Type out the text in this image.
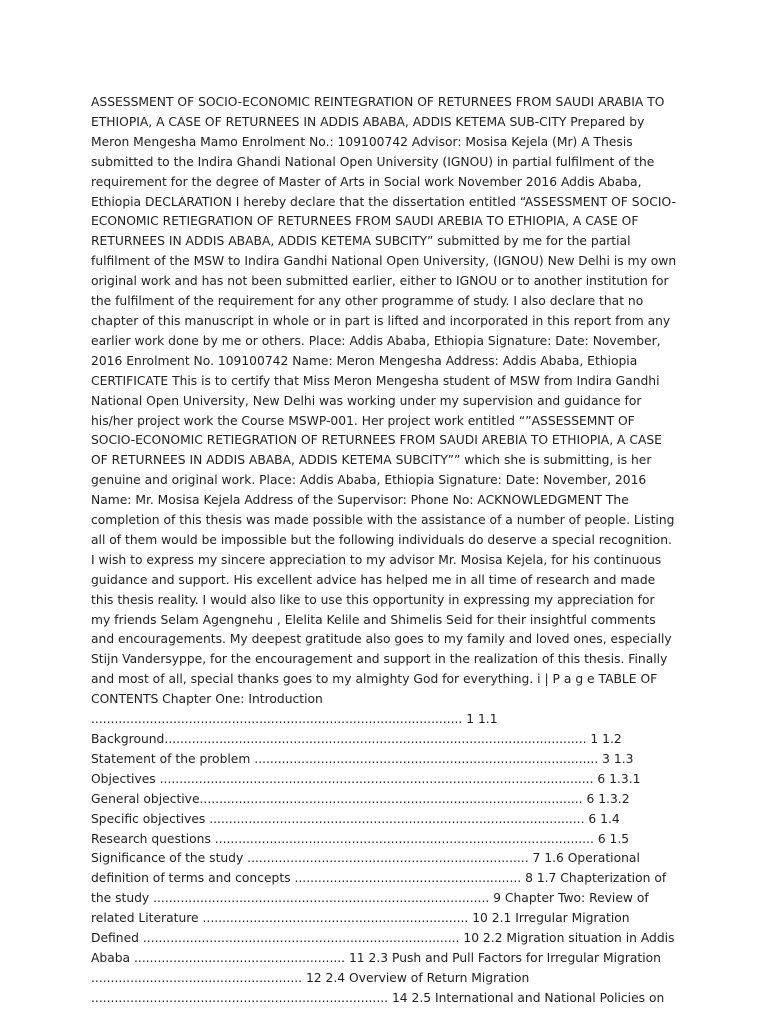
ASSESSMENT OF SOCIO-ECONOMIC REINTEGRATION OF RETURNEES FROM SAUDI ARABIA TO ETHIOPIA, A CASE OF RETURNEES IN ADDIS ABABA, ADDIS KETEMA SUB-CITY Prepared by Meron Mengesha Mamo Enrolment No.: 109100742 Advisor: Mosisa Kejela (Mr) A Thesis submitted to the Indira Ghandi National Open University (IGNOU) in partial fulfilment of the requirement for the degree of Master of Arts in Social work November 2016 Addis Ababa, Ethiopia DECLARATION I hereby declare that the dissertation entitled “ASSESSMENT OF SOCIO-ECONOMIC RETIEGRATION OF RETURNEES FROM SAUDI AREBIA TO ETHIOPIA, A CASE OF RETURNEES IN ADDIS ABABA, ADDIS KETEMA SUBCITY” submitted by me for the partial fulfilment of the MSW to Indira Gandhi National Open University, (IGNOU) New Delhi is my own original work and has not been submitted earlier, either to IGNOU or to another institution for the fulfilment of the requirement for any other programme of study. I also declare that no chapter of this manuscript in whole or in part is lifted and incorporated in this report from any earlier work done by me or others. Place: Addis Ababa, Ethiopia Signature: Date: November, 2016 Enrolment No. 109100742 Name: Meron Mengesha Address: Addis Ababa, Ethiopia CERTIFICATE This is to certify that Miss Meron Mengesha student of MSW from Indira Gandhi National Open University, New Delhi was working under my supervision and guidance for his/her project work the Course MSWP-001. Her project work entitled “”ASSESSEMNT OF SOCIO-ECONOMIC RETIEGRATION OF RETURNEES FROM SAUDI AREBIA TO ETHIOPIA, A CASE OF RETURNEES IN ADDIS ABABA, ADDIS KETEMA SUBCITY”” which she is submitting, is her genuine and original work. Place: Addis Ababa, Ethiopia Signature: Date: November, 2016 Name: Mr. Mosisa Kejela Address of the Supervisor: Phone No: ACKNOWLEDGMENT The completion of this thesis was made possible with the assistance of a number of people. Listing all of them would be impossible but the following individuals do deserve a special recognition. I wish to express my sincere appreciation to my advisor Mr. Mosisa Kejela, for his continuous guidance and support. His excellent advice has helped me in all time of research and made this thesis reality. I would also like to use this opportunity in expressing my appreciation for my friends Selam Agengnehu , Elelita Kelile and Shimelis Seid for their insightful comments and encouragements. My deepest gratitude also goes to my family and loved ones, especially Stijn Vandersyppe, for the encouragement and support in the realization of this thesis. Finally and most of all, special thanks goes to my almighty God for everything. i | P a g e TABLE OF CONTENTS Chapter One: Introduction ............................................................................................... 1 1.1 Background............................................................................................................ 1 1.2 Statement of the problem ........................................................................................ 3 1.3 Objectives ............................................................................................................... 6 1.3.1 General objective.................................................................................................. 6 1.3.2 Specific objectives ................................................................................................ 6 1.4 Research questions ................................................................................................. 6 1.5 Significance of the study ........................................................................ 7 1.6 Operational definition of terms and concepts .......................................................... 8 1.7 Chapterization of the study ...................................................................................... 9 Chapter Two: Review of related Literature .................................................................... 10 2.1 Irregular Migration Defined ................................................................................. 10 2.2 Migration situation in Addis Ababa ...................................................... 11 2.3 Push and Pull Factors for Irregular Migration ...................................................... 12 2.4 Overview of Return Migration ............................................................................ 14 2.5 International and National Policies on
